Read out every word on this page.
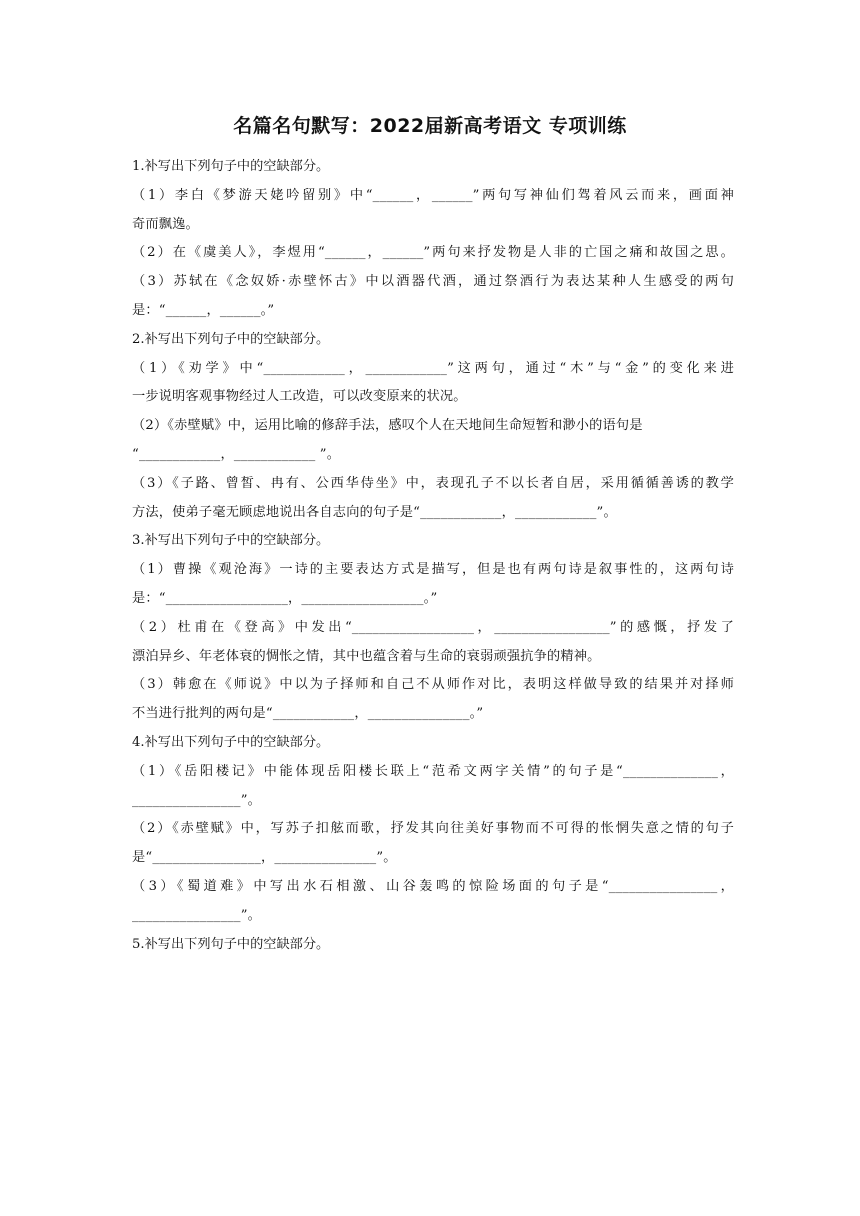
名篇名句默写：2022届新高考语文 专项训练
1.补写出下列句子中的空缺部分。
（1）李白《梦游天姥吟留别》中“______，______”两句写神仙们驾着风云而来，画面神
奇而飘逸。
（2）在《虞美人》，李煜用“______，______”两句来抒发物是人非的亡国之痛和故国之思。
（3）苏轼在《念奴娇·赤壁怀古》中以酒器代酒，通过祭酒行为表达某种人生感受的两句
是：“______，______。”
2.补写出下列句子中的空缺部分。
（1）《劝学》中“____________，____________”这两句，通过“木”与“金”的变化来进
一步说明客观事物经过人工改造，可以改变原来的状况。
（2）《赤壁赋》中，运用比喻的修辞手法，感叹个人在天地间生命短暂和渺小的语句是
“____________，____________ ”。
（3）《子路、曾皙、冉有、公西华侍坐》中，表现孔子不以长者自居，采用循循善诱的教学
方法，使弟子毫无顾虑地说出各自志向的句子是“____________，____________”。
3.补写出下列句子中的空缺部分。
（1）曹操《观沧海》一诗的主要表达方式是描写，但是也有两句诗是叙事性的，这两句诗
是：“__________________，__________________。”
（2）杜甫在《登高》中发出“__________________，_________________”的感慨，抒发了
漂泊异乡、年老体衰的惆怅之情，其中也蕴含着与生命的衰弱顽强抗争的精神。
（3）韩愈在《师说》中以为子择师和自己不从师作对比，表明这样做导致的结果并对择师
不当进行批判的两句是“____________，_______________。”
4.补写出下列句子中的空缺部分。
（1）《岳阳楼记》中能体现岳阳楼长联上“范希文两字关情”的句子是“______________，
________________”。
（2）《赤壁赋》中，写苏子扣舷而歌，抒发其向往美好事物而不可得的怅惘失意之情的句子
是“________________，_______________”。
（3）《蜀道难》中写出水石相激、山谷轰鸣的惊险场面的句子是“________________，
________________”。
5.补写出下列句子中的空缺部分。
